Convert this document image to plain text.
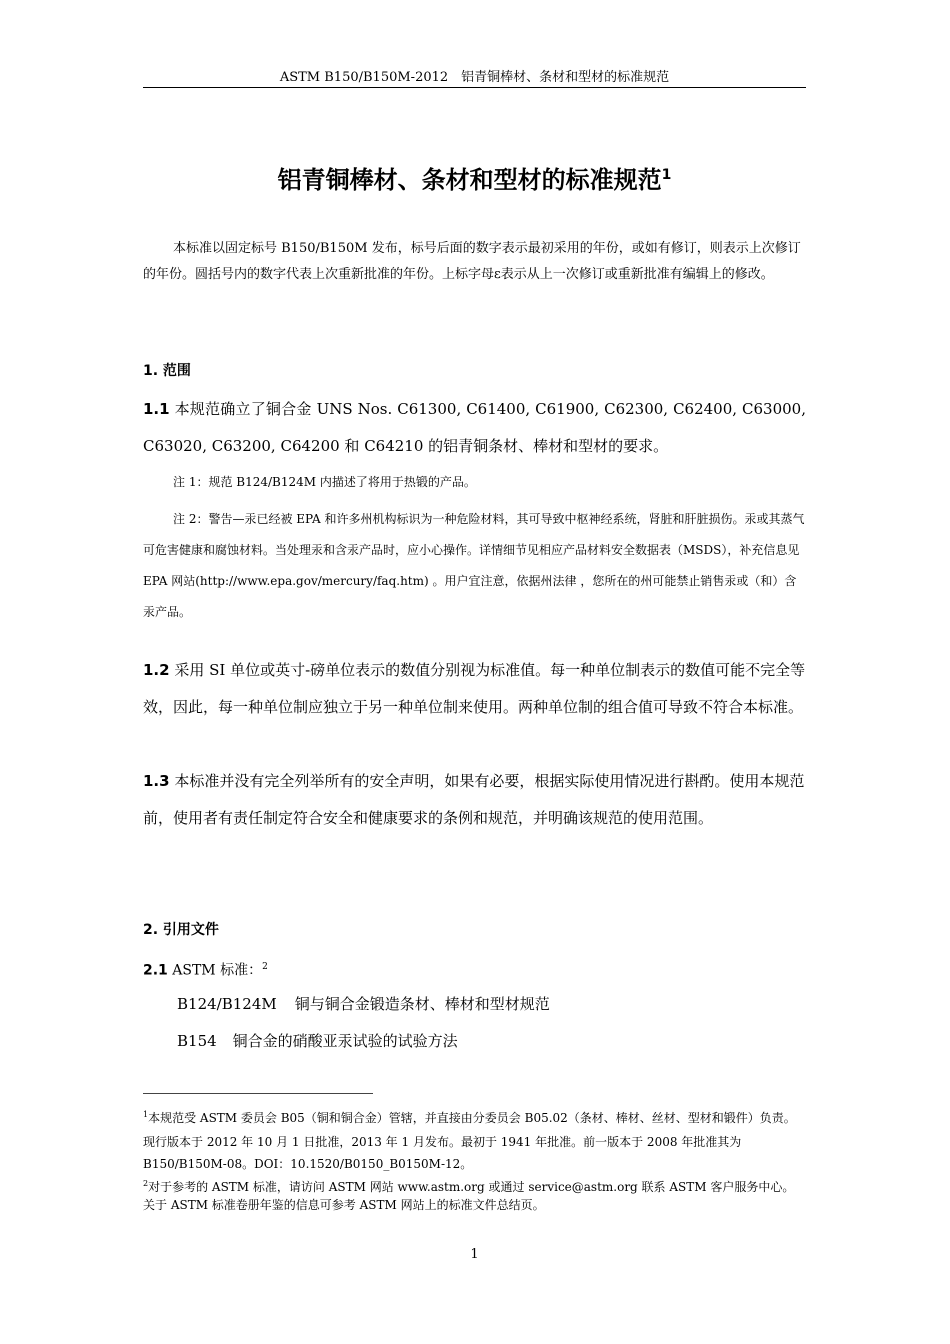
ASTM B150/B150M-2012　铝青铜棒材、条材和型材的标准规范
铝青铜棒材、条材和型材的标准规范$^1$
本标准以固定标号 B150/B150M 发布，标号后面的数字表示最初采用的年份，或如有修订，则表示上次修订的年份。圆括号内的数字代表上次重新批准的年份。上标字母ε表示从上一次修订或重新批准有编辑上的修改。
1. 范围
1.1 本规范确立了铜合金 UNS Nos. C61300, C61400, C61900, C62300, C62400, C63000, C63020, C63200, C64200 和 C64210 的铝青铜条材、棒材和型材的要求。
注 1：规范 B124/B124M 内描述了将用于热锻的产品。
注 2：警告—汞已经被 EPA 和许多州机构标识为一种危险材料，其可导致中枢神经系统，肾脏和肝脏损伤。汞或其蒸气可危害健康和腐蚀材料。当处理汞和含汞产品时，应小心操作。详情细节见相应产品材料安全数据表（MSDS），补充信息见 EPA 网站(http://www.epa.gov/mercury/faq.htm) 。用户宜注意，依据州法律 ，您所在的州可能禁止销售汞或（和）含汞产品。
1.2 采用 SI 单位或英寸-磅单位表示的数值分别视为标准值。每一种单位制表示的数值可能不完全等效，因此，每一种单位制应独立于另一种单位制来使用。两种单位制的组合值可导致不符合本标准。
1.3 本标准并没有完全列举所有的安全声明，如果有必要，根据实际使用情况进行斟酌。使用本规范前，使用者有责任制定符合安全和健康要求的条例和规范，并明确该规范的使用范围。
2. 引用文件
2.1 ASTM 标准：$^2$
B124/B124M 铜与铜合金锻造条材、棒材和型材规范
B154 铜合金的硝酸亚汞试验的试验方法
$^1$本规范受 ASTM 委员会 B05（铜和铜合金）管辖，并直接由分委员会 B05.02（条材、棒材、丝材、型材和锻件）负责。
现行版本于 2012 年 10 月 1 日批准，2013 年 1 月发布。最初于 1941 年批准。前一版本于 2008 年批准其为 B150/B150M-08。DOI：10.1520/B0150_B0150M-12。
$^2$对于参考的 ASTM 标准，请访问 ASTM 网站 www.astm.org 或通过 service@astm.org 联系 ASTM 客户服务中心。关于 ASTM 标准卷册年鉴的信息可参考 ASTM 网站上的标准文件总结页。
1
